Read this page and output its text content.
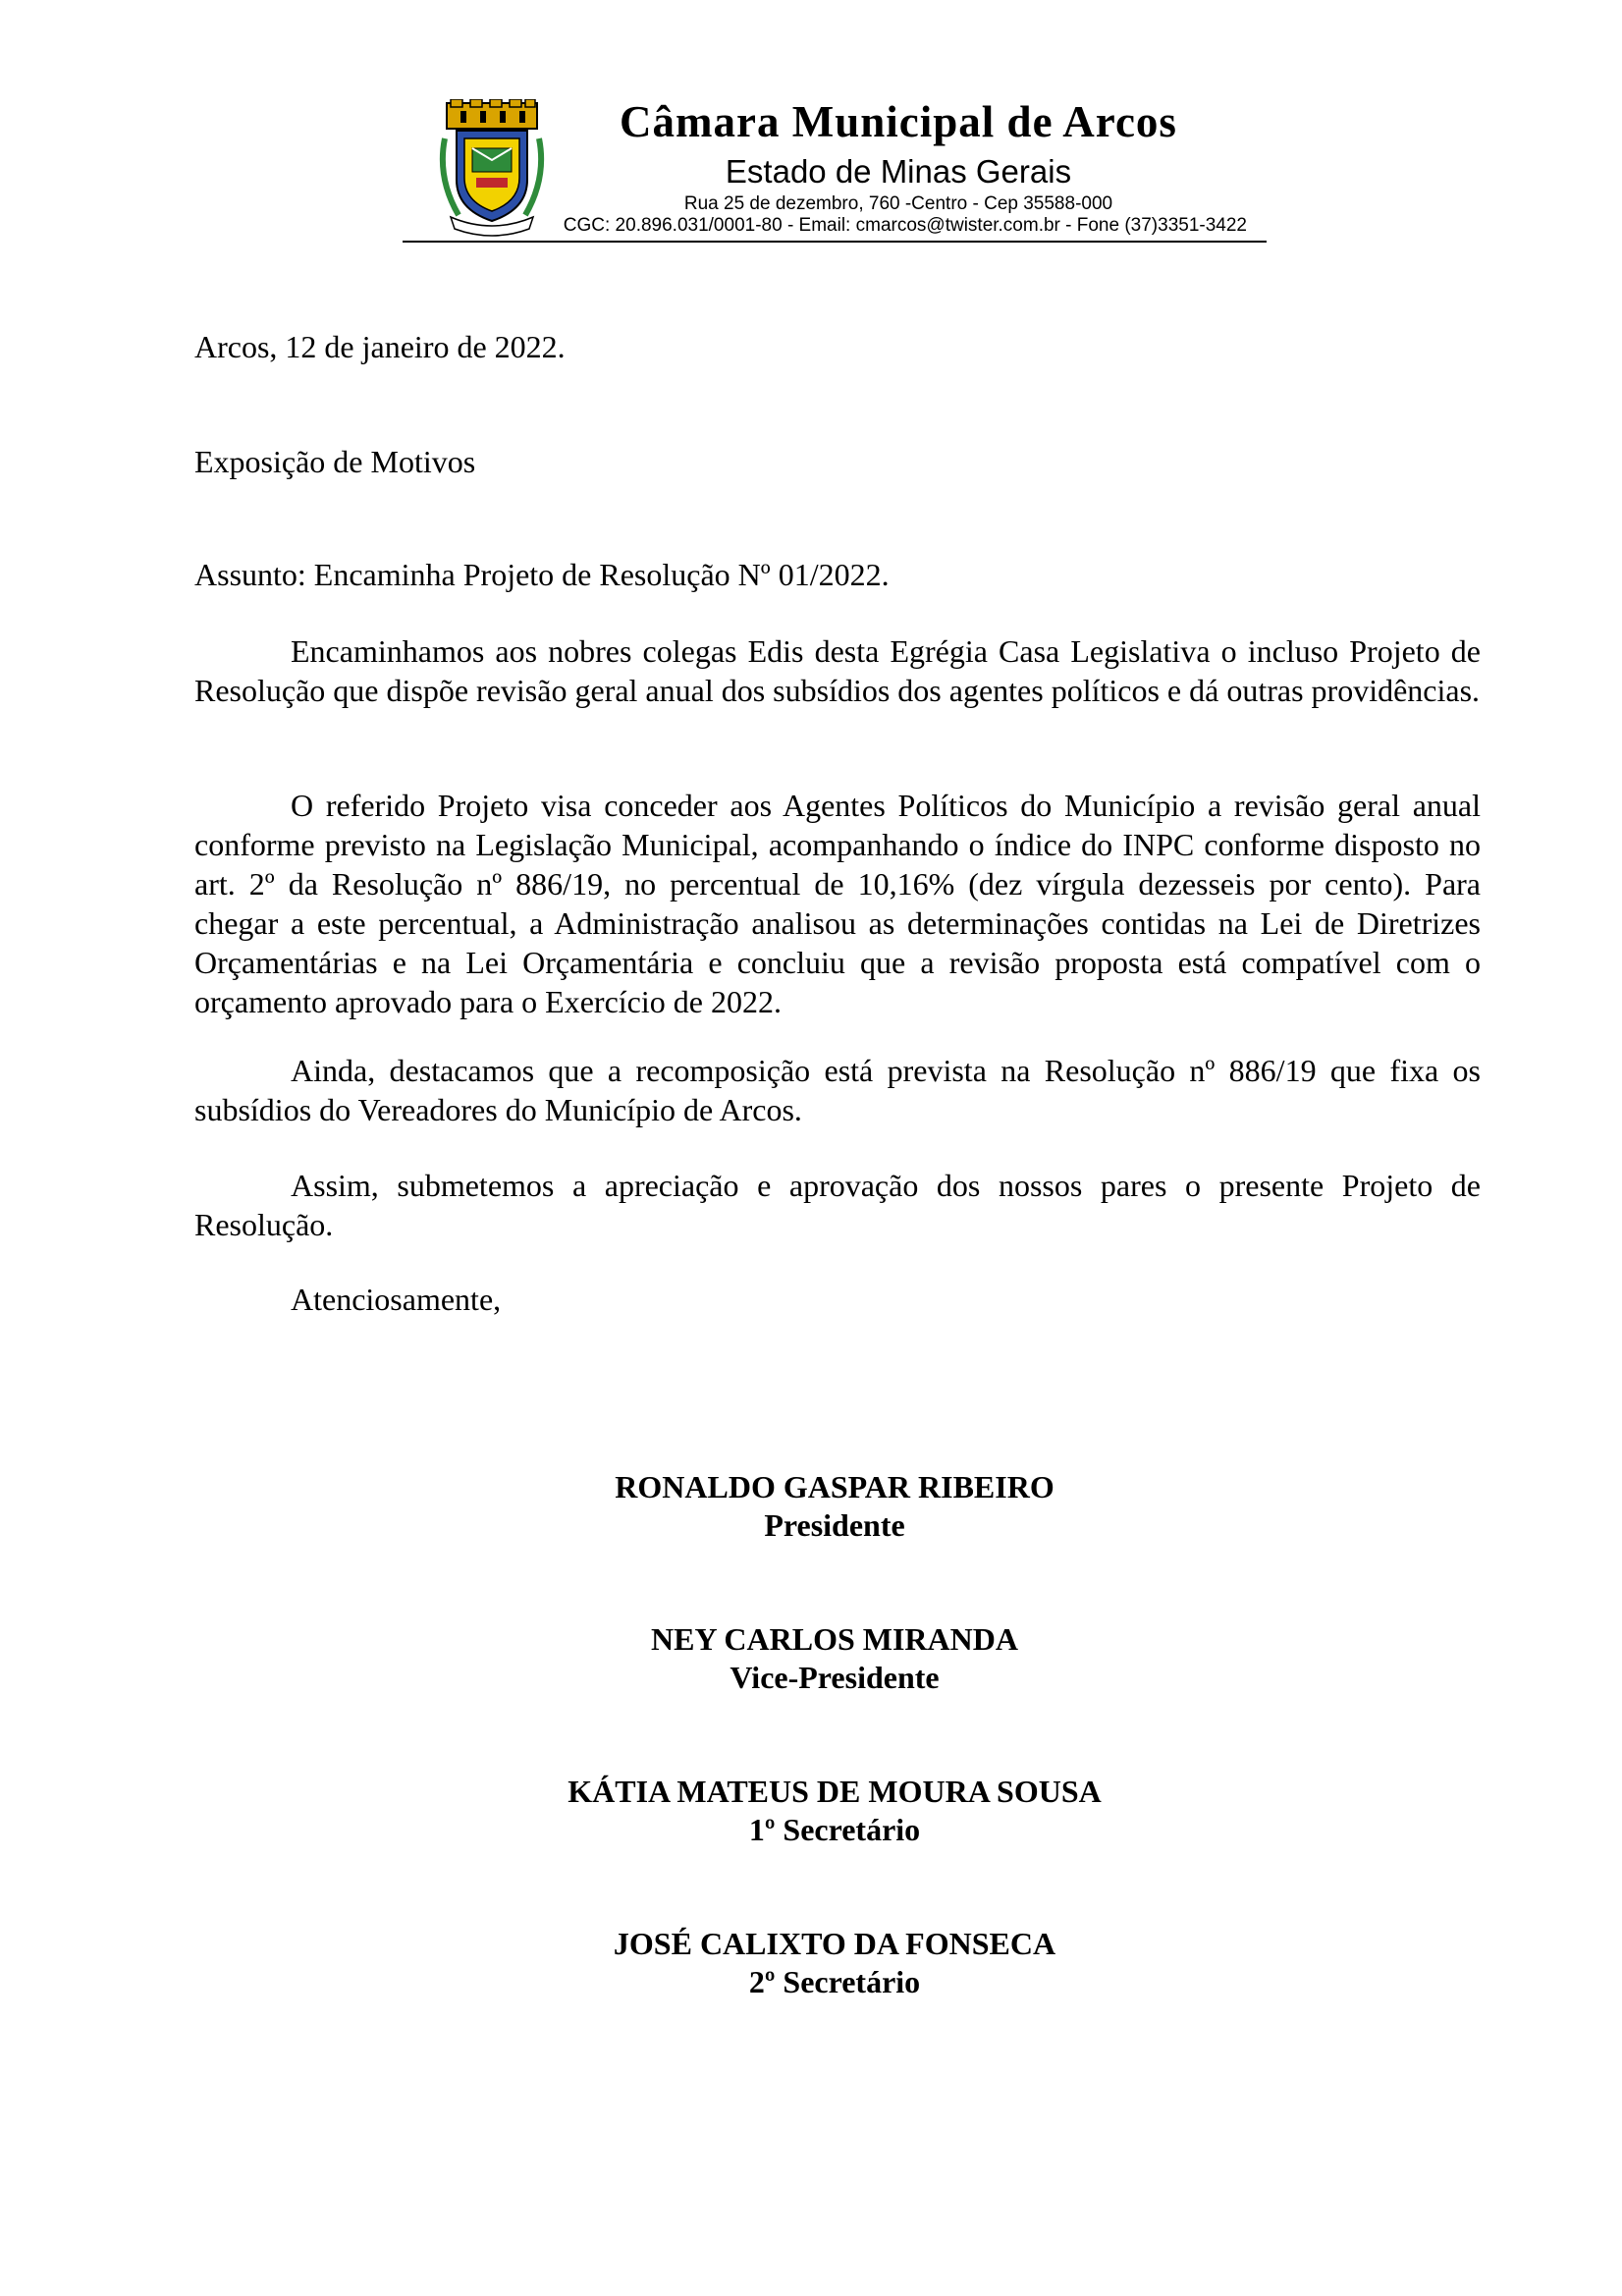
Câmara Municipal de Arcos
Estado de Minas Gerais
Rua 25 de dezembro, 760 -Centro - Cep 35588-000
CGC: 20.896.031/0001-80 - Email: cmarcos@twister.com.br - Fone (37)3351-3422

Arcos, 12 de janeiro de 2022.

Exposição de Motivos

Assunto: Encaminha Projeto de Resolução Nº 01/2022.

Encaminhamos aos nobres colegas Edis desta Egrégia Casa Legislativa o incluso Projeto de Resolução que dispõe revisão geral anual dos subsídios dos agentes políticos e dá outras providências.

O referido Projeto visa conceder aos Agentes Políticos do Município a revisão geral anual conforme previsto na Legislação Municipal, acompanhando o índice do INPC conforme disposto no art. 2º da Resolução nº 886/19, no percentual de 10,16% (dez vírgula dezesseis por cento). Para chegar a este percentual, a Administração analisou as determinações contidas na Lei de Diretrizes Orçamentárias e na Lei Orçamentária e concluiu que a revisão proposta está compatível com o orçamento aprovado para o Exercício de 2022.

Ainda, destacamos que a recomposição está prevista na Resolução nº 886/19 que fixa os subsídios do Vereadores do Município de Arcos.

Assim, submetemos a apreciação e aprovação dos nossos pares o presente Projeto de Resolução.

Atenciosamente,

RONALDO GASPAR RIBEIRO
Presidente
NEY CARLOS MIRANDA
Vice-Presidente
KÁTIA MATEUS DE MOURA SOUSA
1º Secretário
JOSÉ CALIXTO DA FONSECA
2º Secretário
